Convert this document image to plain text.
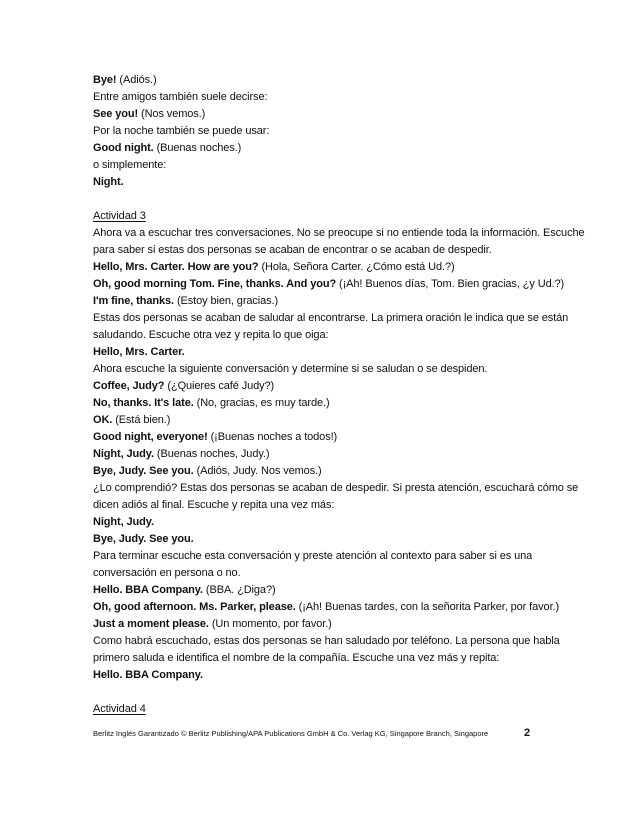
Bye! (Adiós.)
Entre amigos también suele decirse:
See you! (Nos vemos.)
Por la noche también se puede usar:
Good night. (Buenas noches.)
o simplemente:
Night.
Actividad 3
Ahora va a escuchar tres conversaciones. No se preocupe si no entiende toda la información. Escuche
para saber si estas dos personas se acaban de encontrar o se acaban de despedir.
Hello, Mrs. Carter. How are you? (Hola, Señora Carter. ¿Cómo está Ud.?)
Oh, good morning Tom. Fine, thanks. And you? (¡Ah! Buenos días, Tom. Bien gracias, ¿y Ud.?)
I'm fine, thanks. (Estoy bien, gracias.)
Estas dos personas se acaban de saludar al encontrarse. La primera oración le indica que se están
saludando. Escuche otra vez y repita lo que oiga:
Hello, Mrs. Carter.
Ahora escuche la siguiente conversación y determine si se saludan o se despiden.
Coffee, Judy? (¿Quieres café Judy?)
No, thanks. It's late. (No, gracias, es muy tarde.)
OK. (Está bien.)
Good night, everyone! (¡Buenas noches a todos!)
Night, Judy. (Buenas noches, Judy.)
Bye, Judy. See you. (Adiós, Judy. Nos vemos.)
¿Lo comprendió? Estas dos personas se acaban de despedir. Si presta atención, escuchará cómo se
dicen adiós al final. Escuche y repita una vez más:
Night, Judy.
Bye, Judy. See you.
Para terminar escuche esta conversación y preste atención al contexto para saber si es una
conversación en persona o no.
Hello. BBA Company. (BBA. ¿Diga?)
Oh, good afternoon. Ms. Parker, please. (¡Ah! Buenas tardes, con la señorita Parker, por favor.)
Just a moment please. (Un momento, por favor.)
Como habrá escuchado, estas dos personas se han saludado por teléfono. La persona que habla
primero saluda e identifica el nombre de la compañía. Escuche una vez más y repita:
Hello. BBA Company.
Actividad 4
Berlitz Inglés Garantizado © Berlitz Publishing/APA Publications GmbH & Co. Verlag KG, Singapore Branch, Singapore	2
